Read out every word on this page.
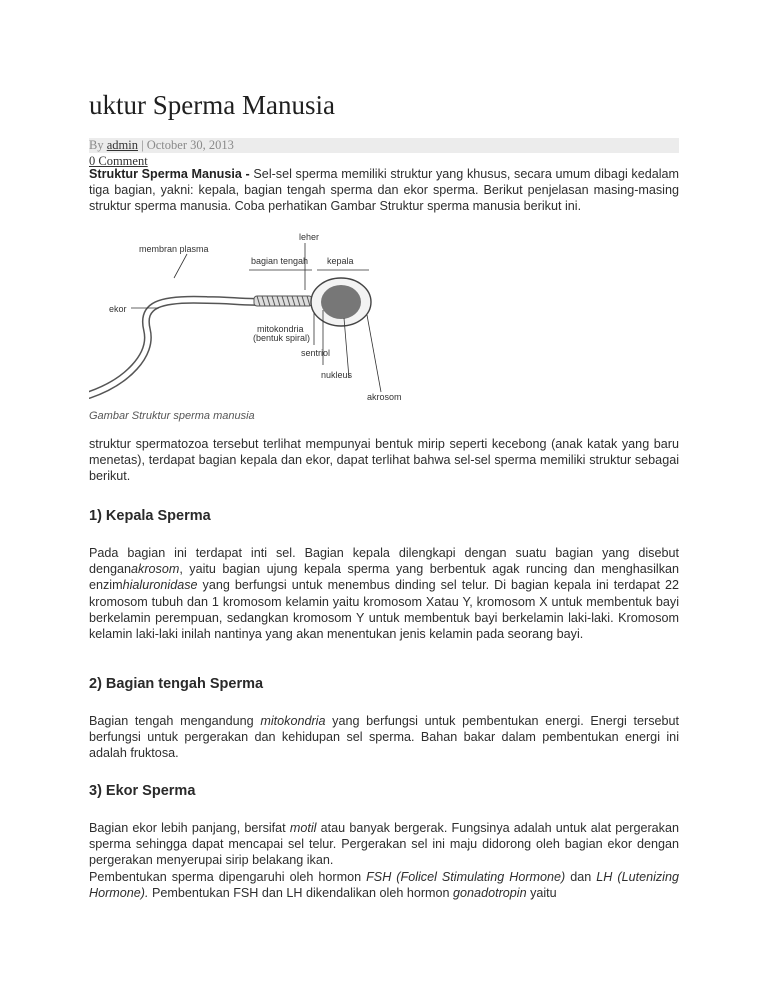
uktur Sperma Manusia
By admin | October 30, 2013
0 Comment

Struktur Sperma Manusia - Sel-sel sperma memiliki struktur yang khusus, secara umum dibagi kedalam tiga bagian, yakni: kepala, bagian tengah sperma dan ekor sperma. Berikut penjelasan masing-masing struktur sperma manusia. Coba perhatikan Gambar Struktur sperma manusia berikut ini.

membran plasma
leher
bagian tengah kepala
ekor
mitokondria
(bentuk spiral)
sentriol
nukleus
akrosom
Gambar Struktur sperma manusia

struktur spermatozoa tersebut terlihat mempunyai bentuk mirip seperti kecebong (anak katak yang baru menetas), terdapat bagian kepala dan ekor, dapat terlihat bahwa sel-sel sperma memiliki struktur sebagai berikut.

1) Kepala Sperma

Pada bagian ini terdapat inti sel. Bagian kepala dilengkapi dengan suatu bagian yang disebut denganakrosom, yaitu bagian ujung kepala sperma yang berbentuk agak runcing dan menghasilkan enzimhialuronidase yang berfungsi untuk menembus dinding sel telur. Di bagian kepala ini terdapat 22 kromosom tubuh dan 1 kromosom kelamin yaitu kromosom Xatau Y, kromosom X untuk membentuk bayi berkelamin perempuan, sedangkan kromosom Y untuk membentuk bayi berkelamin laki-laki. Kromosom kelamin laki-laki inilah nantinya yang akan menentukan jenis kelamin pada seorang bayi.

2) Bagian tengah Sperma

Bagian tengah mengandung mitokondria yang berfungsi untuk pembentukan energi. Energi tersebut berfungsi untuk pergerakan dan kehidupan sel sperma. Bahan bakar dalam pembentukan energi ini adalah fruktosa.

3) Ekor Sperma

Bagian ekor lebih panjang, bersifat motil atau banyak bergerak. Fungsinya adalah untuk alat pergerakan sperma sehingga dapat mencapai sel telur. Pergerakan sel ini maju didorong oleh bagian ekor dengan pergerakan menyerupai sirip belakang ikan.
Pembentukan sperma dipengaruhi oleh hormon FSH (Folicel Stimulating Hormone) dan LH (Lutenizing Hormone). Pembentukan FSH dan LH dikendalikan oleh hormon gonadotropin yaitu
